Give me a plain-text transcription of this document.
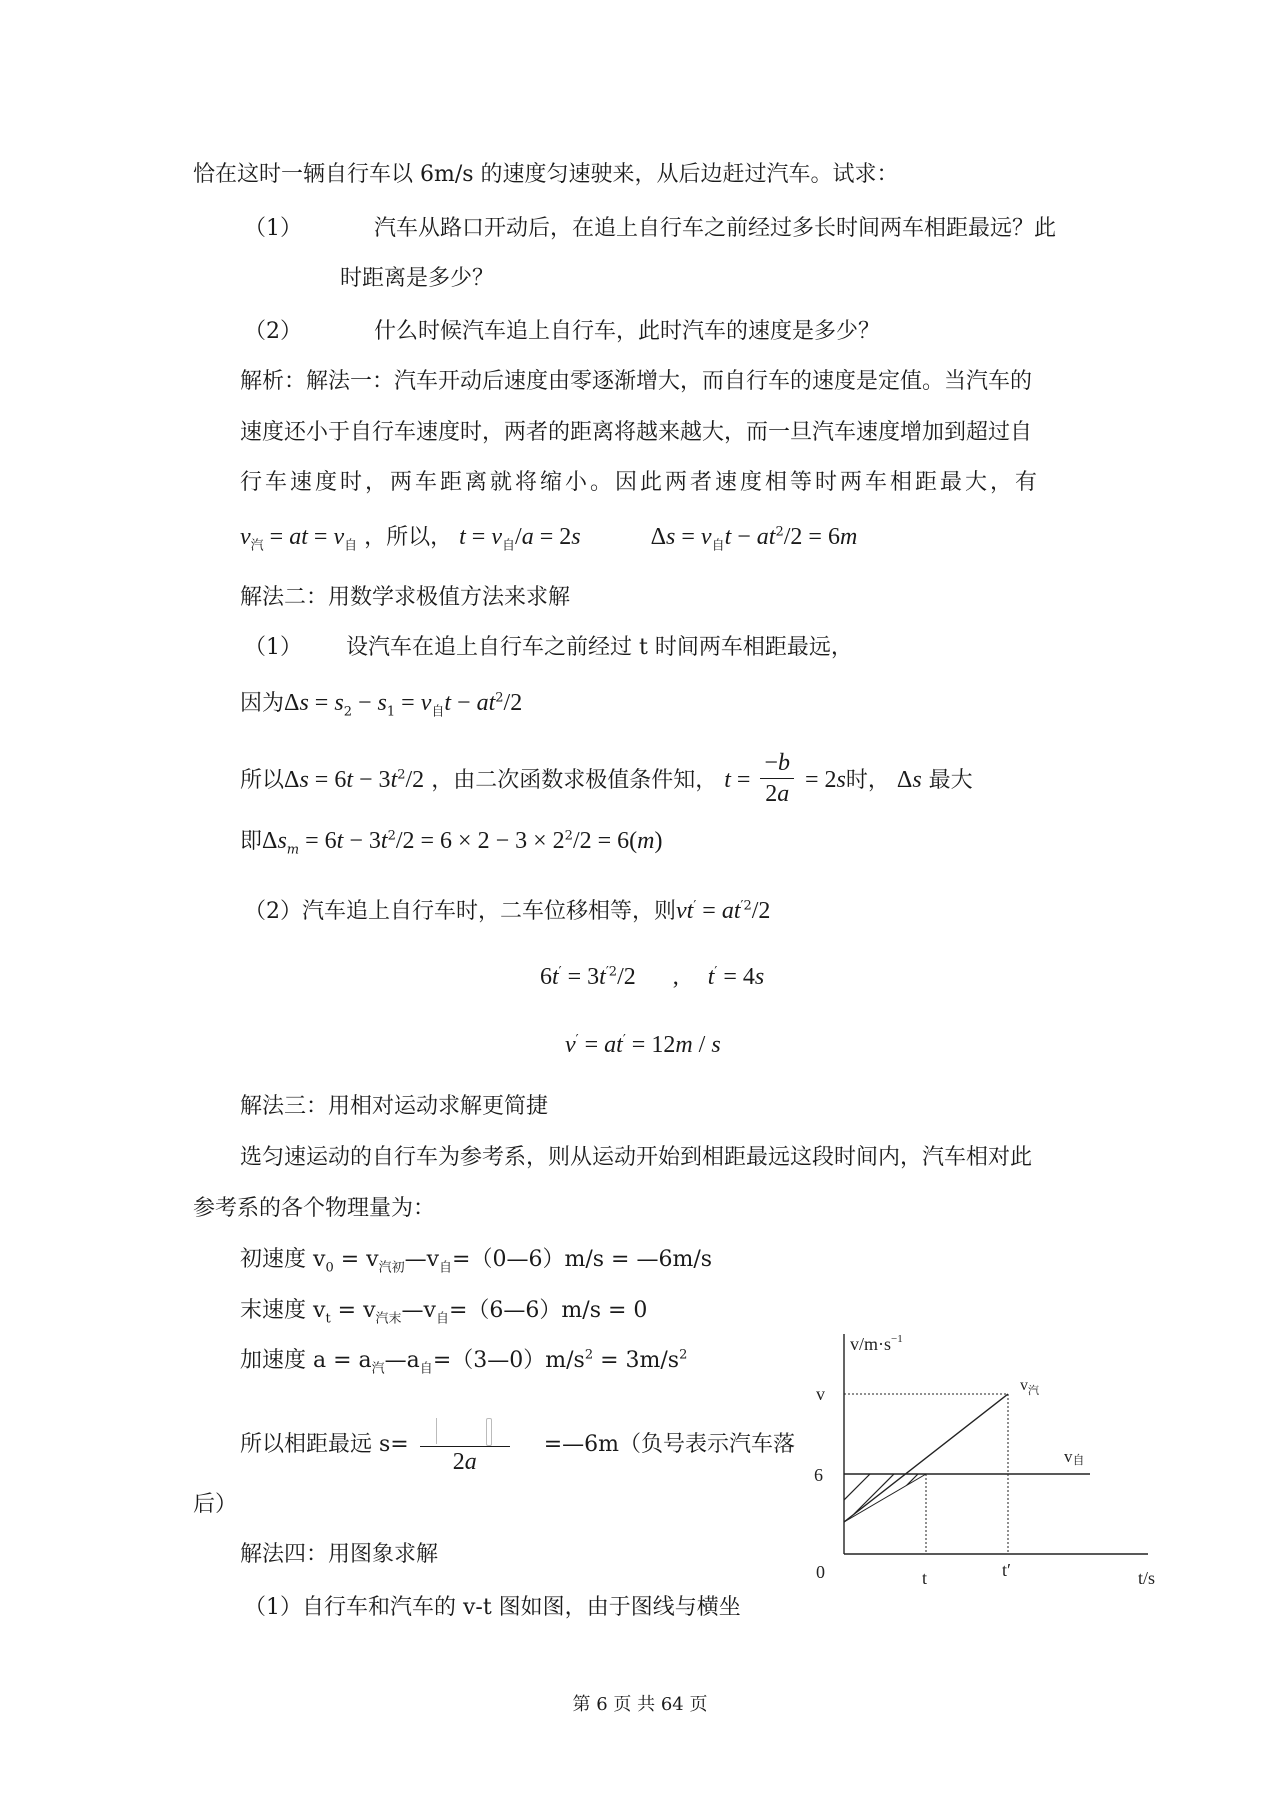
恰在这时一辆自行车以 6m/s 的速度匀速驶来，从后边赶过汽车。试求：
（1）	汽车从路口开动后，在追上自行车之前经过多长时间两车相距最远？此
时距离是多少？
（2）	什么时候汽车追上自行车，此时汽车的速度是多少？
解析：解法一：汽车开动后速度由零逐渐增大，而自行车的速度是定值。当汽车的
速度还小于自行车速度时，两者的距离将越来越大，而一旦汽车速度增加到超过自
行车速度时，两车距离就将缩小。因此两者速度相等时两车相距最大，有
$v_汽$ = at = $v_自$ ，所以， $t = v_自/a = 2s$	$\Delta s = v_自t - at^2/2 = 6m$
解法二：用数学求极值方法来求解
（1） 设汽车在追上自行车之前经过 t 时间两车相距最远，
因为$\Delta s = s_2 - s_1 = v_自t - at^2/2$
所以$\Delta s = 6t - 3t^2/2$ ，由二次函数求极值条件知， $t = \frac{-b}{2a} = 2s$时， Δs 最大
即$\Delta s_m = 6t - 3t^2/2 = 6 \times 2 - 3 \times 2^2/2 = 6(m)$
（2）汽车追上自行车时，二车位移相等，则$vt' = at^{'2}/2$
$6t' = 3t^{'2}/2$ , t′ = 4s
v′ = at′ = 12m / s
解法三：用相对运动求解更简捷
选匀速运动的自行车为参考系，则从运动开始到相距最远这段时间内，汽车相对此
参考系的各个物理量为：
初速度 $v_0$ = $v_{汽初}—v_自=(0—6)m/s$ = —6m/s
末速度 $v_t$ = $v_{汽末}—v_自=(6—6)m/s = 0$
加速度 $a = a_汽—a_自=(3—0)m/s^2 = 3m/s^2$
所以相距最远 s=
2a
=—6m（负号表示汽车落
后）
解法四：用图象求解
（1）自行车和汽车的 v-t 图如图，由于图线与横坐
$v/m\cdot s^{-1}$
v
6
0	t	t′	t/s
$v_汽$
v自
第 6 页 共 64 页
